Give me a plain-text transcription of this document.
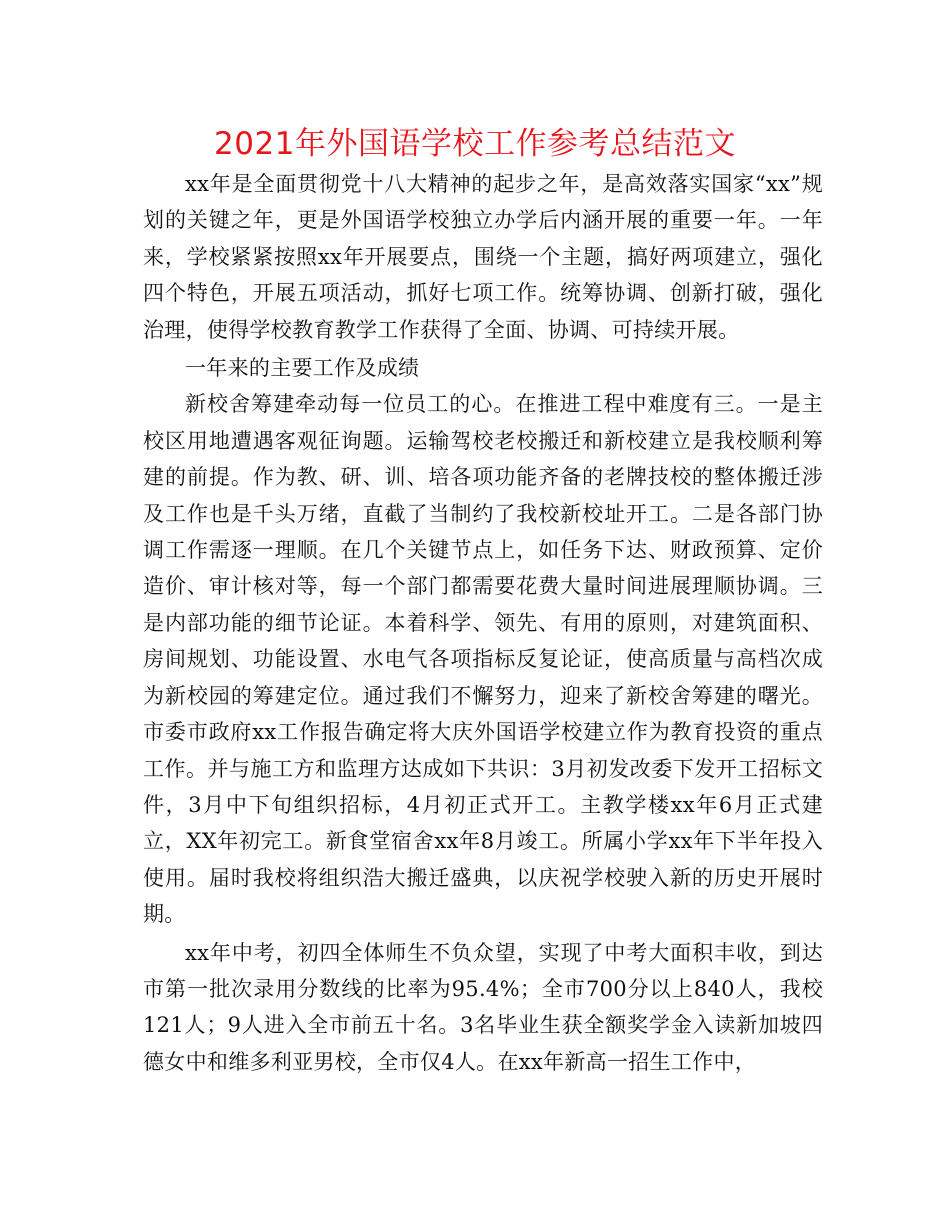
2021年外国语学校工作参考总结范文

xx年是全面贯彻党十八大精神的起步之年，是高效落实国家“xx”规划的关键之年，更是外国语学校独立办学后内涵开展的重要一年。一年来，学校紧紧按照xx年开展要点，围绕一个主题，搞好两项建立，强化四个特色，开展五项活动，抓好七项工作。统筹协调、创新打破，强化治理，使得学校教育教学工作获得了全面、协调、可持续开展。

一年来的主要工作及成绩

新校舍筹建牵动每一位员工的心。在推进工程中难度有三。一是主校区用地遭遇客观征询题。运输驾校老校搬迁和新校建立是我校顺利筹建的前提。作为教、研、训、培各项功能齐备的老牌技校的整体搬迁涉及工作也是千头万绪，直截了当制约了我校新校址开工。二是各部门协调工作需逐一理顺。在几个关键节点上，如任务下达、财政预算、定价造价、审计核对等，每一个部门都需要花费大量时间进展理顺协调。三是内部功能的细节论证。本着科学、领先、有用的原则，对建筑面积、房间规划、功能设置、水电气各项指标反复论证，使高质量与高档次成为新校园的筹建定位。通过我们不懈努力，迎来了新校舍筹建的曙光。市委市政府xx工作报告确定将大庆外国语学校建立作为教育投资的重点工作。并与施工方和监理方达成如下共识：3月初发改委下发开工招标文件，3月中下旬组织招标，4月初正式开工。主教学楼xx年6月正式建立，XX年初完工。新食堂宿舍xx年8月竣工。所属小学xx年下半年投入使用。届时我校将组织浩大搬迁盛典，以庆祝学校驶入新的历史开展时期。

xx年中考，初四全体师生不负众望，实现了中考大面积丰收，到达市第一批次录用分数线的比率为95.4%；全市700分以上840人，我校121人；9人进入全市前五十名。3名毕业生获全额奖学金入读新加坡四德女中和维多利亚男校，全市仅4人。在xx年新高一招生工作中，
